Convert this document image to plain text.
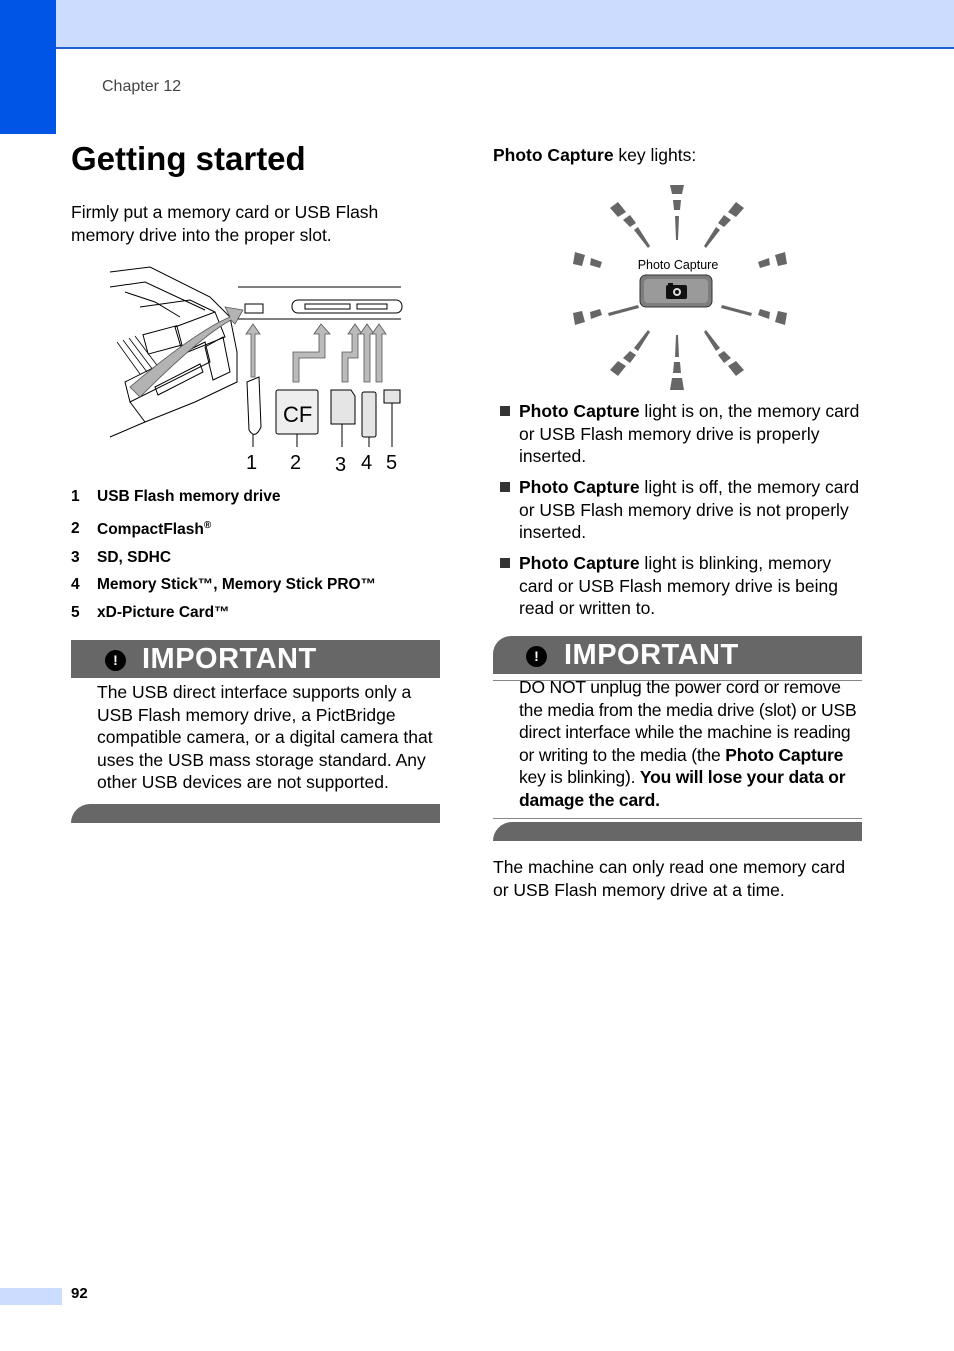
Chapter 12
Getting started

Firmly put a memory card or USB Flash memory drive into the proper slot.

CF
1 2 3 4 5
1 USB Flash memory drive
2 CompactFlash®
3 SD, SDHC
4 Memory Stick™, Memory Stick PRO™
5 xD-Picture Card™
! IMPORTANT

The USB direct interface supports only a USB Flash memory drive, a PictBridge compatible camera, or a digital camera that uses the USB mass storage standard. Any other USB devices are not supported.

Photo Capture key lights:

Photo Capture

Photo Capture light is on, the memory card or USB Flash memory drive is properly inserted.

Photo Capture light is off, the memory card or USB Flash memory drive is not properly inserted.

Photo Capture light is blinking, memory card or USB Flash memory drive is being read or written to.

! IMPORTANT

DO NOT unplug the power cord or remove the media from the media drive (slot) or USB direct interface while the machine is reading or writing to the media (the Photo Capture key is blinking). You will lose your data or damage the card.

The machine can only read one memory card or USB Flash memory drive at a time.

92
